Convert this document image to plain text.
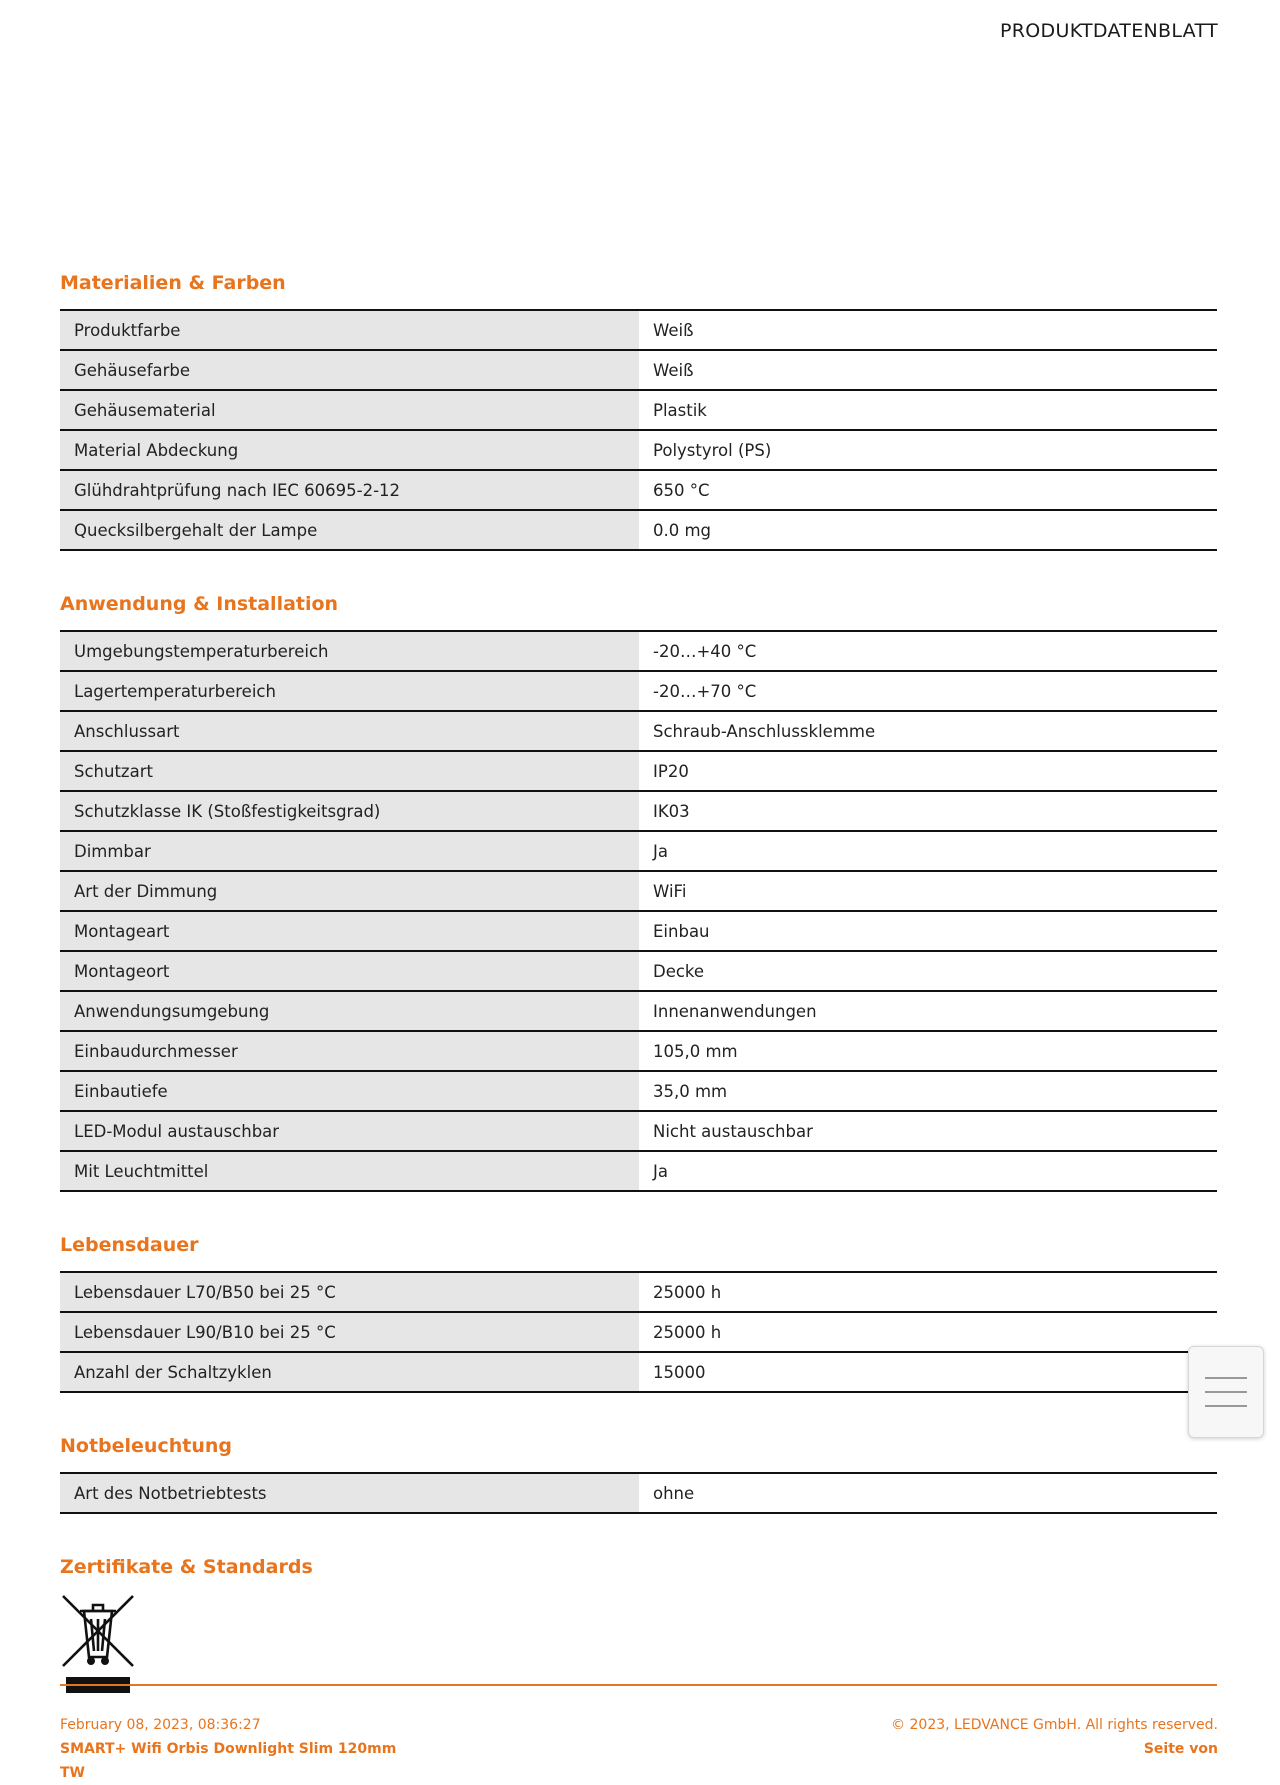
PRODUKTDATENBLATT
Materialien & Farben
Produktfarbe	Weiß
Gehäusefarbe	Weiß
Gehäusematerial	Plastik
Material Abdeckung	Polystyrol (PS)
Glühdrahtprüfung nach IEC 60695-2-12	650 °C
Quecksilbergehalt der Lampe	0.0 mg
Anwendung & Installation
Umgebungstemperaturbereich	-20…+40 °C
Lagertemperaturbereich	-20…+70 °C
Anschlussart	Schraub-Anschlussklemme
Schutzart	IP20
Schutzklasse IK (Stoßfestigkeitsgrad)	IK03
Dimmbar	Ja
Art der Dimmung	WiFi
Montageart	Einbau
Montageort	Decke
Anwendungsumgebung	Innenanwendungen
Einbaudurchmesser	105,0 mm
Einbautiefe	35,0 mm
LED-Modul austauschbar	Nicht austauschbar
Mit Leuchtmittel	Ja
Lebensdauer
Lebensdauer L70/B50 bei 25 °C	25000 h
Lebensdauer L90/B10 bei 25 °C	25000 h
Anzahl der Schaltzyklen	15000
Notbeleuchtung
Art des Notbetriebtests	ohne
Zertifikate & Standards
February 08, 2023, 08:36:27
SMART+ Wifi Orbis Downlight Slim 120mm
TW
© 2023, LEDVANCE GmbH. All rights reserved.
Seite von
